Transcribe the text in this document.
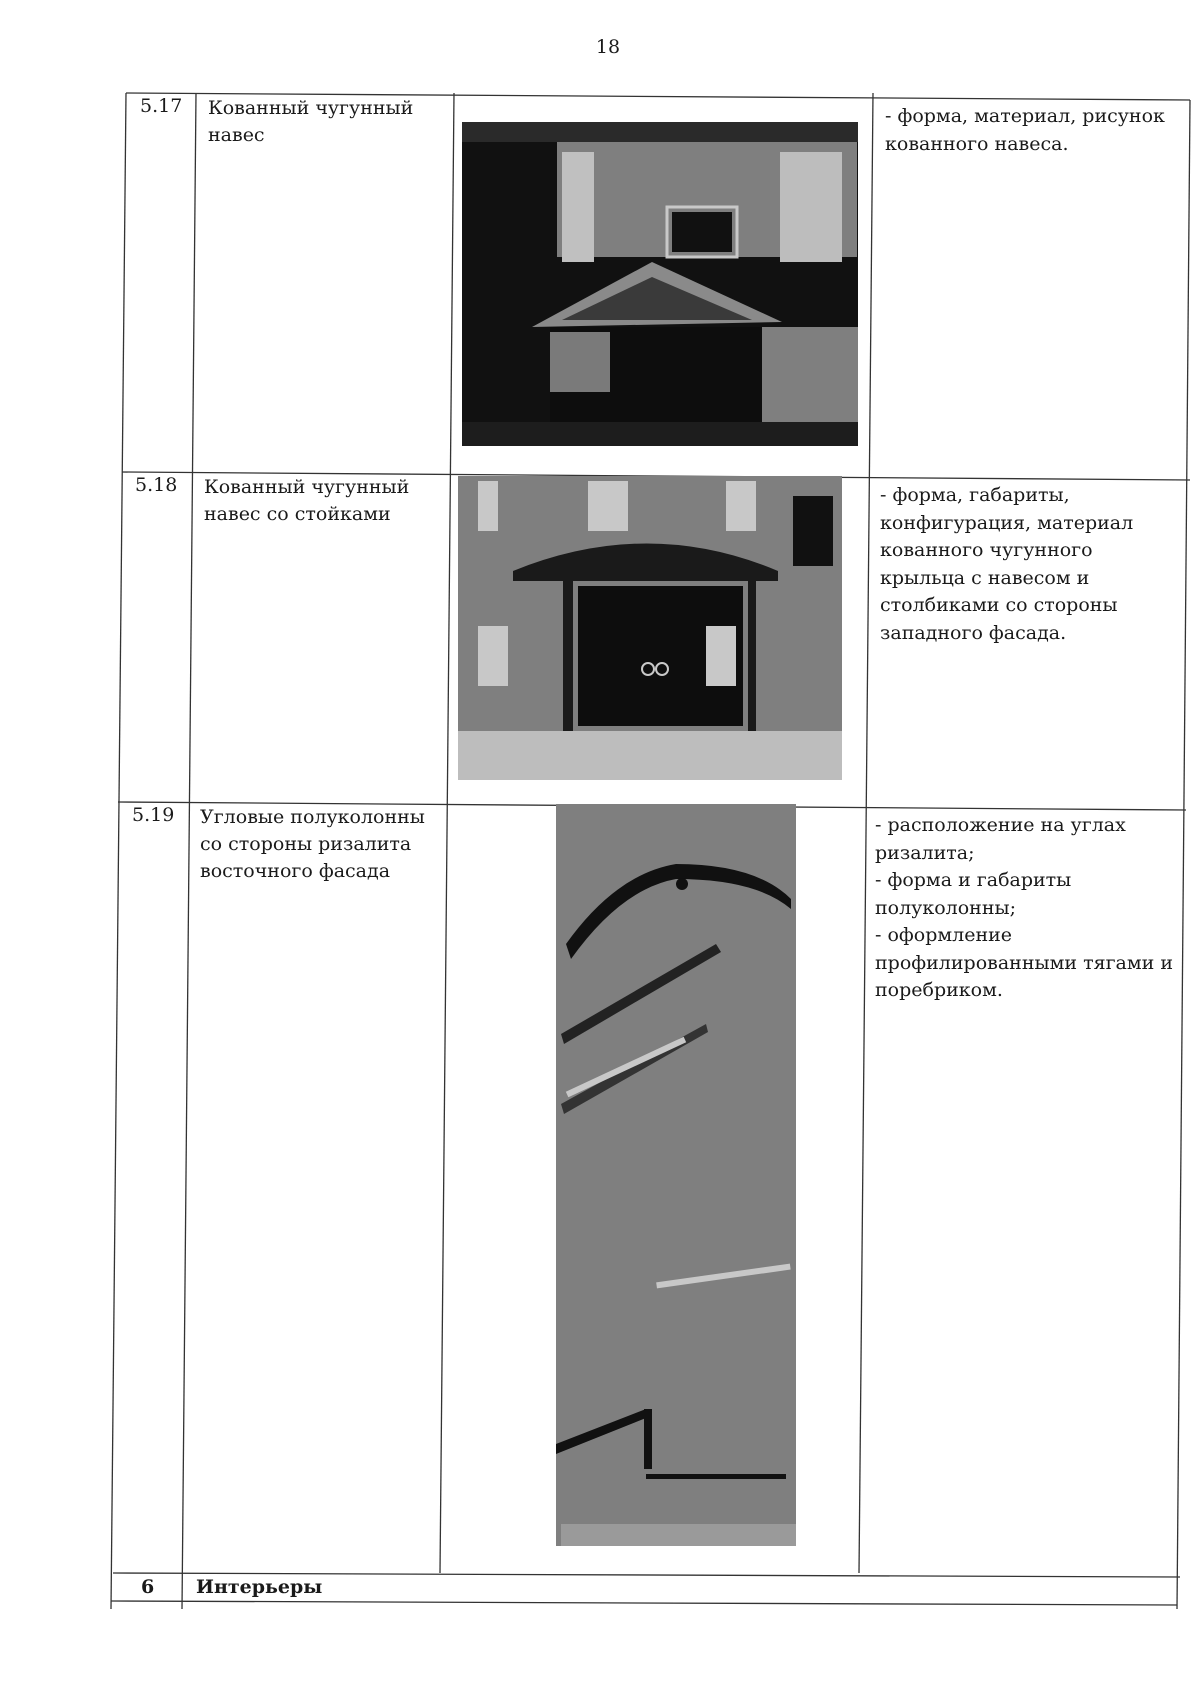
18
5.17 Кованный чугунный навес
- форма, материал, рисунок кованного навеса.
5.18 Кованный чугунный навес со стойками
- форма, габариты, конфигурация, материал кованного чугунного крыльца с навесом и столбиками со стороны западного фасада.
5.19 Угловые полуколонны со стороны ризалита восточного фасада
- расположение на углах ризалита;
- форма и габариты полуколонны;
- оформление профилированными тягами и поребриком.
6 Интерьеры
